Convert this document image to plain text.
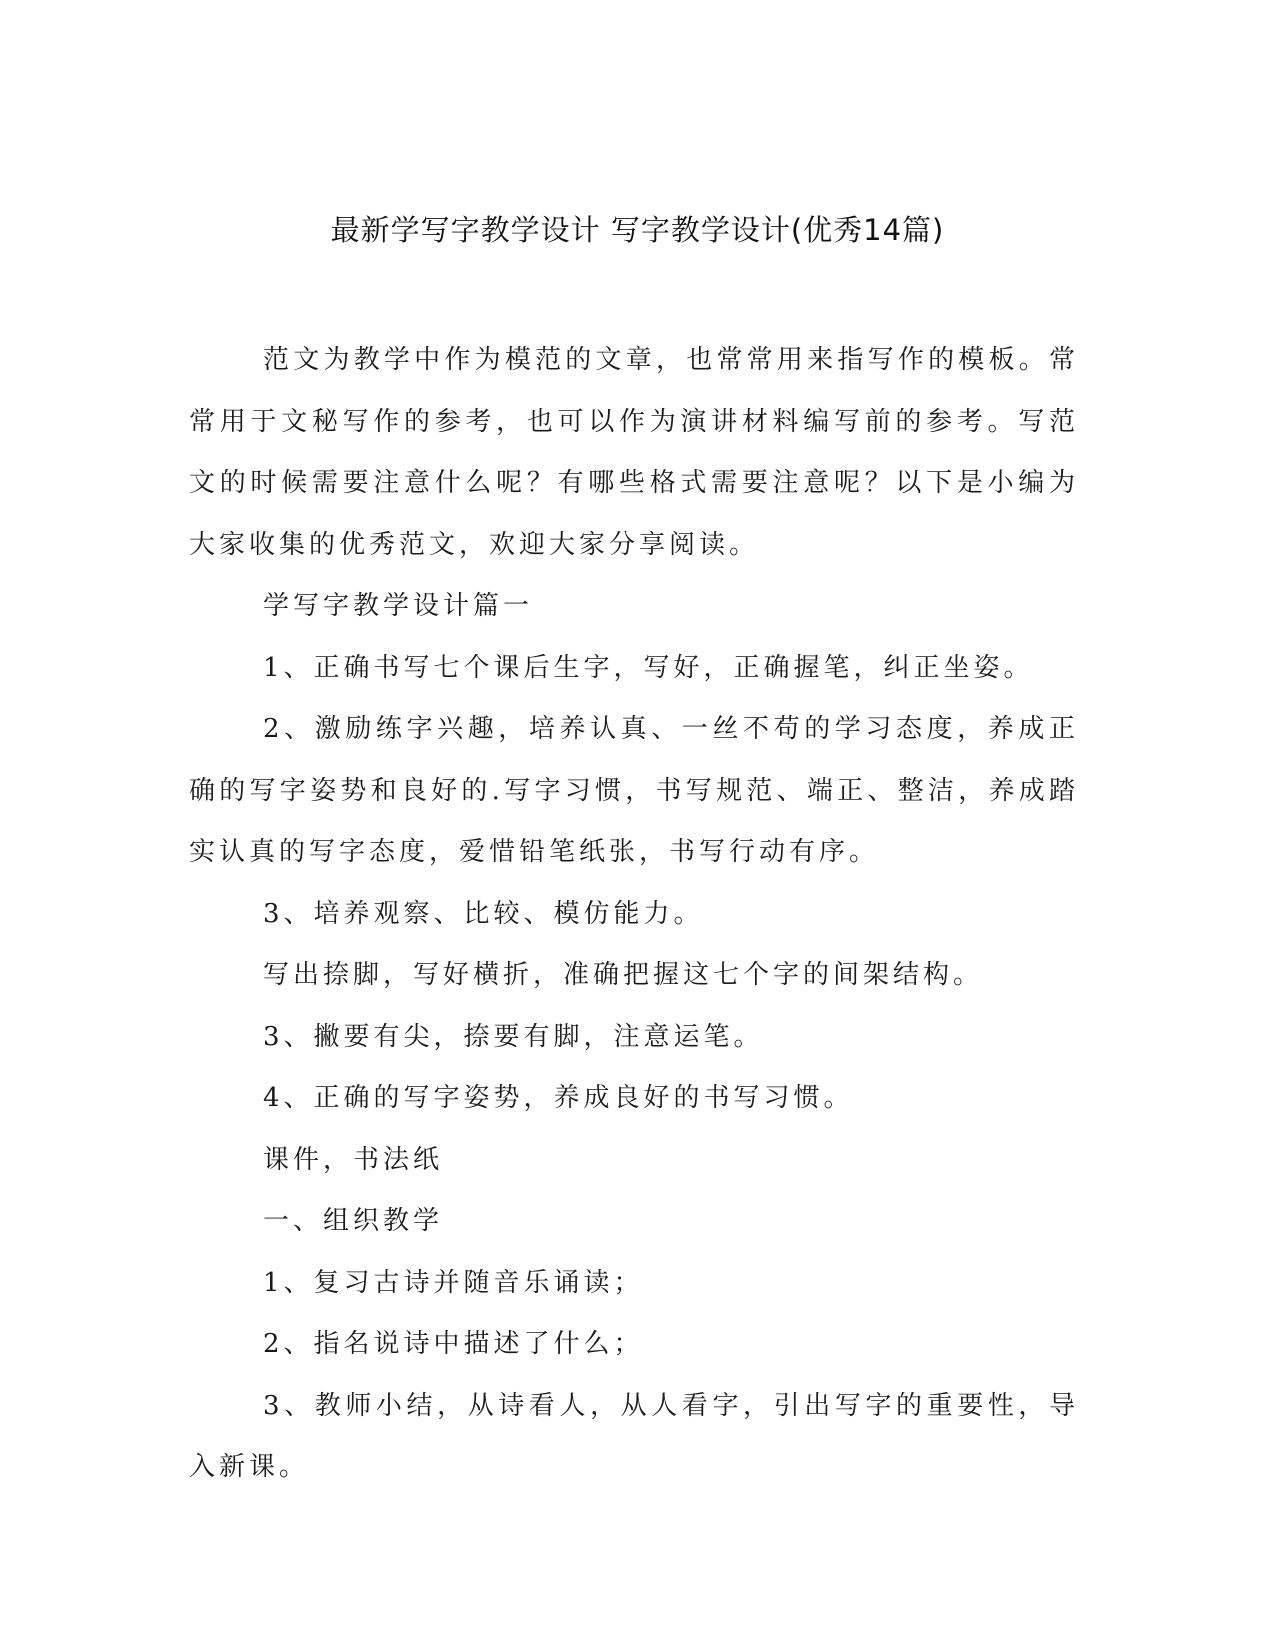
最新学写字教学设计 写字教学设计(优秀14篇)

范文为教学中作为模范的文章，也常常用来指写作的模板。常常用于文秘写作的参考，也可以作为演讲材料编写前的参考。写范文的时候需要注意什么呢？有哪些格式需要注意呢？以下是小编为大家收集的优秀范文，欢迎大家分享阅读。

学写字教学设计篇一

1、正确书写七个课后生字，写好，正确握笔，纠正坐姿。

2、激励练字兴趣，培养认真、一丝不苟的学习态度，养成正确的写字姿势和良好的.写字习惯，书写规范、端正、整洁，养成踏实认真的写字态度，爱惜铅笔纸张，书写行动有序。

3、培养观察、比较、模仿能力。

写出捺脚，写好横折，准确把握这七个字的间架结构。

3、撇要有尖，捺要有脚，注意运笔。

4、正确的写字姿势，养成良好的书写习惯。

课件，书法纸

一、组织教学

1、复习古诗并随音乐诵读；

2、指名说诗中描述了什么；

3、教师小结，从诗看人，从人看字，引出写字的重要性，导入新课。
